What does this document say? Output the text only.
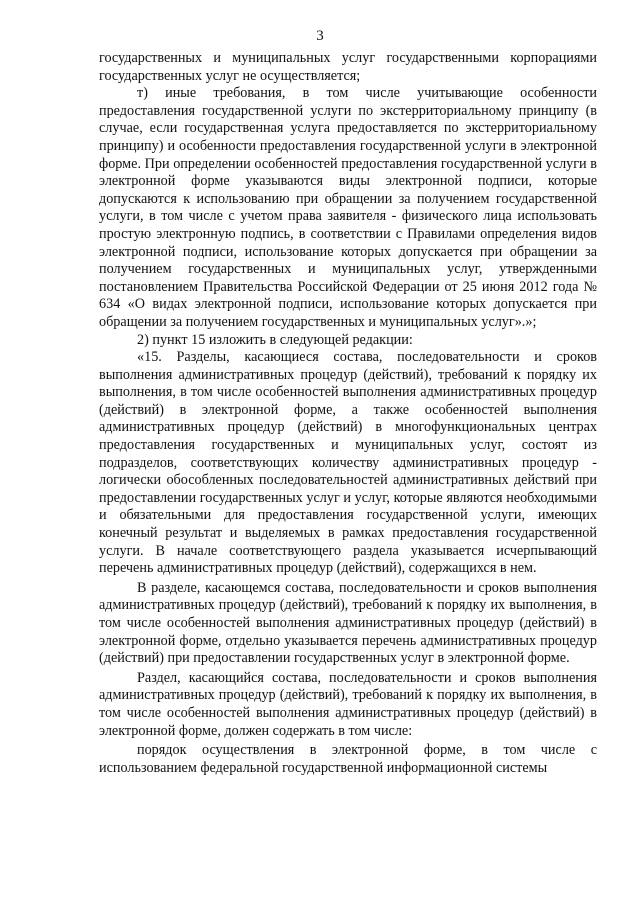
3

государственных и муниципальных услуг государственными корпорациями государственных услуг не осуществляется;

т) иные требования, в том числе учитывающие особенности предоставления государственной услуги по экстерриториальному принципу (в случае, если государственная услуга предоставляется по экстерриториальному принципу) и особенности предоставления государственной услуги в электронной форме. При определении особенностей предоставления государственной услуги в электронной форме указываются виды электронной подписи, которые допускаются к использованию при обращении за получением государственной услуги, в том числе с учетом права заявителя - физического лица использовать простую электронную подпись, в соответствии с Правилами определения видов электронной подписи, использование которых допускается при обращении за получением государственных и муниципальных услуг, утвержденными постановлением Правительства Российской Федерации от 25 июня 2012 года № 634 «О видах электронной подписи, использование которых допускается при обращении за получением государственных и муниципальных услуг».»;

2) пункт 15 изложить в следующей редакции:

«15. Разделы, касающиеся состава, последовательности и сроков выполнения административных процедур (действий), требований к порядку их выполнения, в том числе особенностей выполнения административных процедур (действий) в электронной форме, а также особенностей выполнения административных процедур (действий) в многофункциональных центрах предоставления государственных и муниципальных услуг, состоят из подразделов, соответствующих количеству административных процедур - логически обособленных последовательностей административных действий при предоставлении государственных услуг и услуг, которые являются необходимыми и обязательными для предоставления государственной услуги, имеющих конечный результат и выделяемых в рамках предоставления государственной услуги. В начале соответствующего раздела указывается исчерпывающий перечень административных процедур (действий), содержащихся в нем.

В разделе, касающемся состава, последовательности и сроков выполнения административных процедур (действий), требований к порядку их выполнения, в том числе особенностей выполнения административных процедур (действий) в электронной форме, отдельно указывается перечень административных процедур (действий) при предоставлении государственных услуг в электронной форме.

Раздел, касающийся состава, последовательности и сроков выполнения административных процедур (действий), требований к порядку их выполнения, в том числе особенностей выполнения административных процедур (действий) в электронной форме, должен содержать в том числе:

порядок осуществления в электронной форме, в том числе с использованием федеральной государственной информационной системы
